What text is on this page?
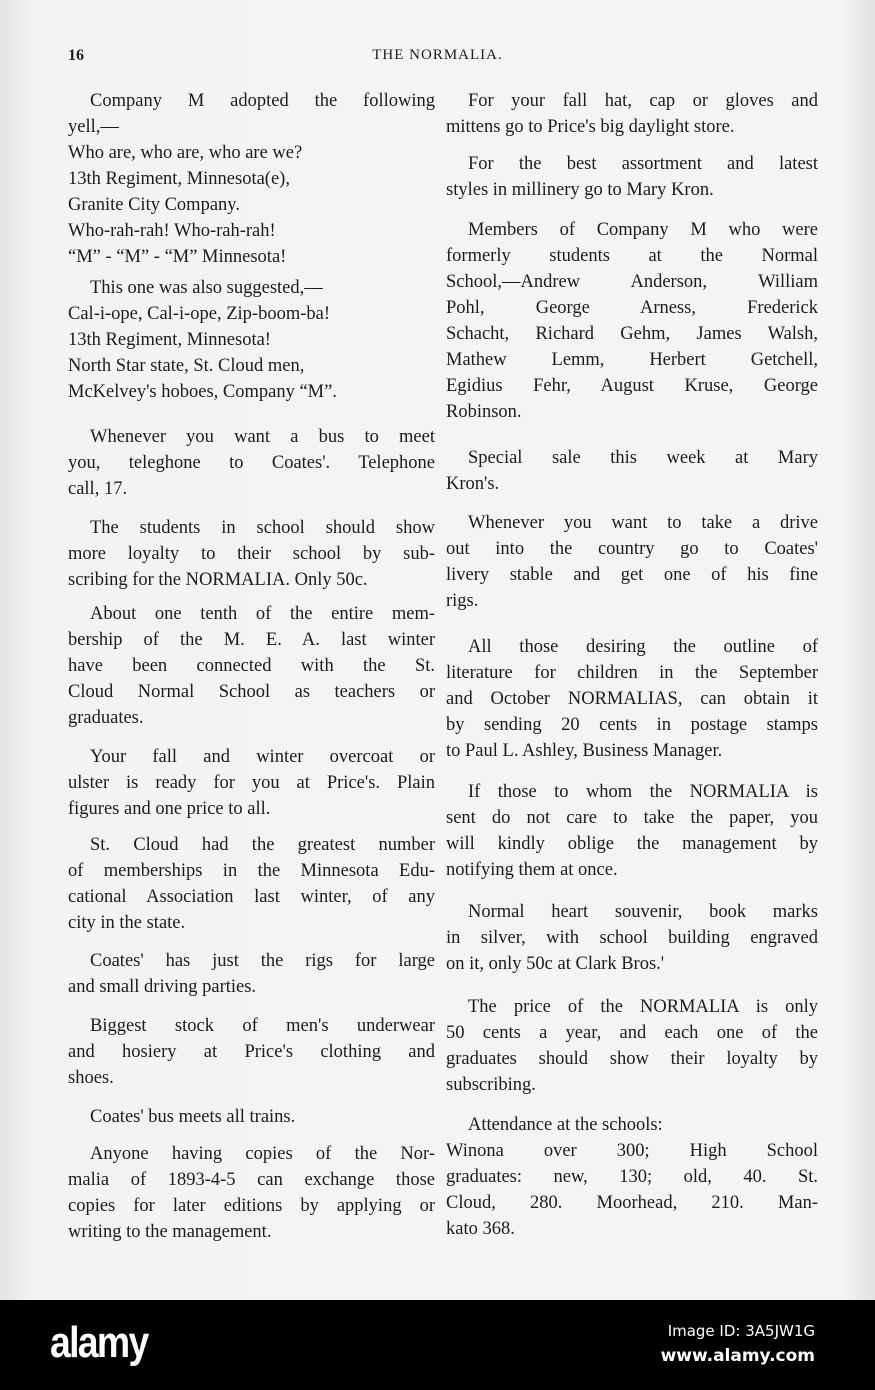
16	THE NORMALIA.
Company M adopted the following
yell,—
Who are, who are, who are we?
13th Regiment, Minnesota(e),
Granite City Company.
Who-rah-rah! Who-rah-rah!
“M” - “M” - “M” Minnesota!
This one was also suggested,—
Cal-i-ope, Cal-i-ope, Zip-boom-ba!
13th Regiment, Minnesota!
North Star state, St. Cloud men,
McKelvey's hoboes, Company “M”.
Whenever you want a bus to meet
you, teleghone to Coates'. Telephone
call, 17.
The students in school should show
more loyalty to their school by sub-
scribing for the NORMALIA. Only 50c.
About one tenth of the entire mem-
bership of the M. E. A. last winter
have been connected with the St.
Cloud Normal School as teachers or
graduates.
Your fall and winter overcoat or
ulster is ready for you at Price's. Plain
figures and one price to all.
St. Cloud had the greatest number
of memberships in the Minnesota Edu-
cational Association last winter, of any
city in the state.
Coates' has just the rigs for large
and small driving parties.
Biggest stock of men's underwear
and hosiery at Price's clothing and
shoes.
Coates' bus meets all trains.
Anyone having copies of the Nor-
malia of 1893-4-5 can exchange those
copies for later editions by applying or
writing to the management.
For your fall hat, cap or gloves and
mittens go to Price's big daylight store.
For the best assortment and latest
styles in millinery go to Mary Kron.
Members of Company M who were
formerly students at the Normal
School,—Andrew Anderson, William
Pohl, George Arness, Frederick
Schacht, Richard Gehm, James Walsh,
Mathew Lemm, Herbert Getchell,
Egidius Fehr, August Kruse, George
Robinson.
Special sale this week at Mary
Kron's.
Whenever you want to take a drive
out into the country go to Coates'
livery stable and get one of his fine
rigs.
All those desiring the outline of
literature for children in the September
and October NORMALIAS, can obtain it
by sending 20 cents in postage stamps
to Paul L. Ashley, Business Manager.
If those to whom the NORMALIA is
sent do not care to take the paper, you
will kindly oblige the management by
notifying them at once.
Normal heart souvenir, book marks
in silver, with school building engraved
on it, only 50c at Clark Bros.'
The price of the NORMALIA is only
50 cents a year, and each one of the
graduates should show their loyalty by
subscribing.
Attendance at the schools:
Winona over 300; High School
graduates: new, 130; old, 40. St.
Cloud, 280. Moorhead, 210. Man-
kato 368.
alamy	Image ID: 3A5JW1G
www.alamy.com
